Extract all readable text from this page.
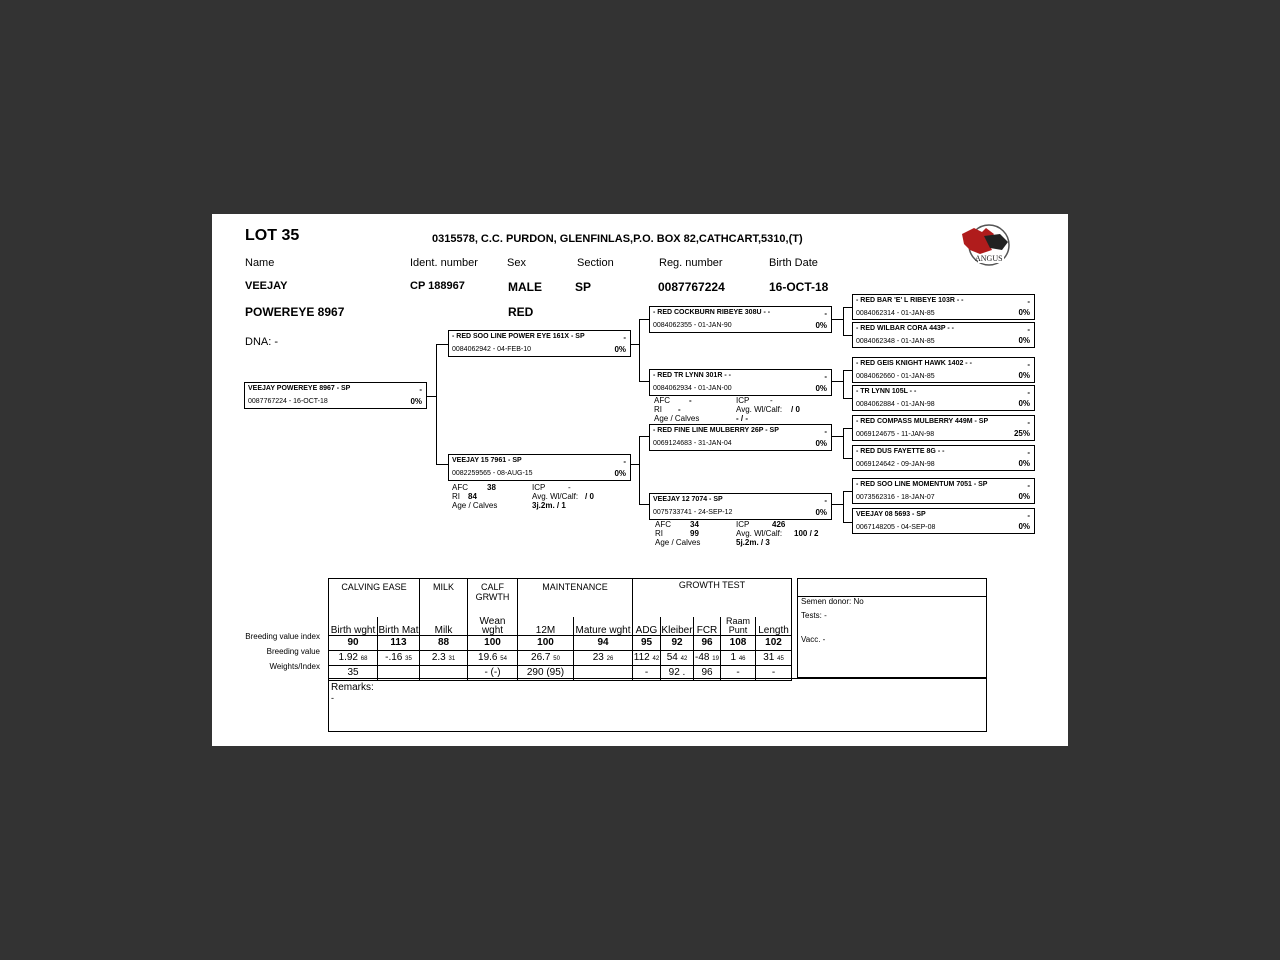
LOT 35	0315578, C.C. PURDON, GLENFINLAS,P.O. BOX 82,CATHCART,5310,(T)
ANGUS
Name	Ident. number	Sex	Section	Reg. number	Birth Date
VEEJAY
POWEREYE 8967
CP 188967	MALE
RED
SP	0087767224	16-OCT-18
DNA: -
VEEJAY POWEREYE 8967 - SP	-
0087767224 - 16-OCT-18	0%
- RED SOO LINE POWER EYE 161X - SP	-
0084062942 - 04-FEB-10	0%
VEEJAY 15 7961 - SP	-
0082259565 - 08-AUG-15	0%
- RED COCKBURN RIBEYE 308U - -	-
0084062355 - 01-JAN-90	0%
- RED TR LYNN 301R - -	-
0084062934 - 01-JAN-00	0%
- RED FINE LINE MULBERRY 26P - SP	-
0069124683 - 31-JAN-04	0%
VEEJAY 12 7074 - SP	-
0075733741 - 24-SEP-12	0%
- RED BAR 'E' L RIBEYE 103R - -	-
0084062314 - 01-JAN-85	0%
- RED WILBAR CORA 443P - -	-
0084062348 - 01-JAN-85	0%
- RED GEIS KNIGHT HAWK 1402 - -	-
0084062660 - 01-JAN-85	0%
- TR LYNN 105L - -	-
0084062884 - 01-JAN-98	0%
- RED COMPASS MULBERRY 449M - SP	-
0069124675 - 11-JAN-98	25%
- RED DUS FAYETTE 8G - -	-
0069124642 - 09-JAN-98	0%
- RED SOO LINE MOMENTUM 7051 - SP	-
0073562316 - 18-JAN-07	0%
VEEJAY 08 5693 - SP	-
0067148205 - 04-SEP-08	0%
AFC 38

RI 84

Age / Calves
ICP	-
Avg. Wl/Calf: / 0
3j.2m. / 1
AFC -

RI -

Age / Calves
ICP	-
Avg. Wl/Calf: / 0
- / -
AFC 34

RI	99

Age / Calves
ICP	426
Avg. Wl/Calf: 100 / 2
5j.2m. / 3
Breeding value index
Breeding value
Weights/Index
CALVING EASE		MILK	CALF GRWTH	MAINTENANCE		GROWTH TEST				
Birth wght	Birth Mat	Milk	Wean wght	12M	Mature wght	ADG	Kleiber	FCR	Raam Punt	Length
90	113	88	100	100	94	95	92	96	108	102
1.92 68	-.16 35	2.3 31	19.6 54	26.7 50	23 26	112 42	54 42	-48 19	1 46	31 45
35			- (-)	290 (95)		-	92 .	96	-	-
Semen donor: No
Tests: -
Vacc. -
Remarks:
-
